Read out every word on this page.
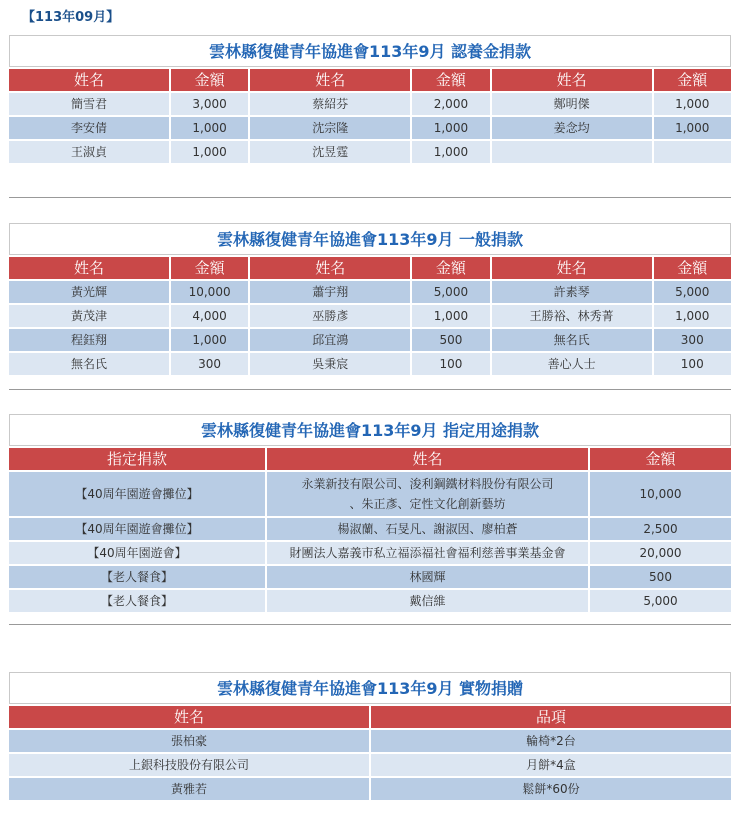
【113年09月】
雲林縣復健青年協進會113年9月 認養金捐款
姓名	金額	姓名	金額	姓名	金額
簡雪君	3,000	蔡紹芬	2,000	鄭明傑	1,000
李安倩	1,000	沈宗隆	1,000	姜念均	1,000
王淑貞	1,000	沈昱霆	1,000		
雲林縣復健青年協進會113年9月 一般捐款
姓名	金額	姓名	金額	姓名	金額
黃光輝	10,000	蕭宇翔	5,000	許素琴	5,000
黃茂津	4,000	巫勝彥	1,000	王勝裕、林秀菁	1,000
程鈺翔	1,000	邱宜鴻	500	無名氏	300
無名氏	300	吳秉宸	100	善心人士	100
雲林縣復健青年協進會113年9月 指定用途捐款
指定捐款	姓名	金額
【40周年園遊會攤位】	永業新技有限公司、浚利鋼鐵材料股份有限公司
、朱正彥、定性文化創新藝坊	10,000
【40周年園遊會攤位】	楊淑蘭、石旻凡、謝淑因、廖柏蒼	2,500
【40周年園遊會】	財團法人嘉義市私立福添福社會福利慈善事業基金會	20,000
【老人餐食】	林國輝	500
【老人餐食】	戴信維	5,000
雲林縣復健青年協進會113年9月 實物捐贈
姓名	品項
張柏豪	輪椅*2台
上銀科技股份有限公司	月餅*4盒
黃雅若	鬆餅*60份
